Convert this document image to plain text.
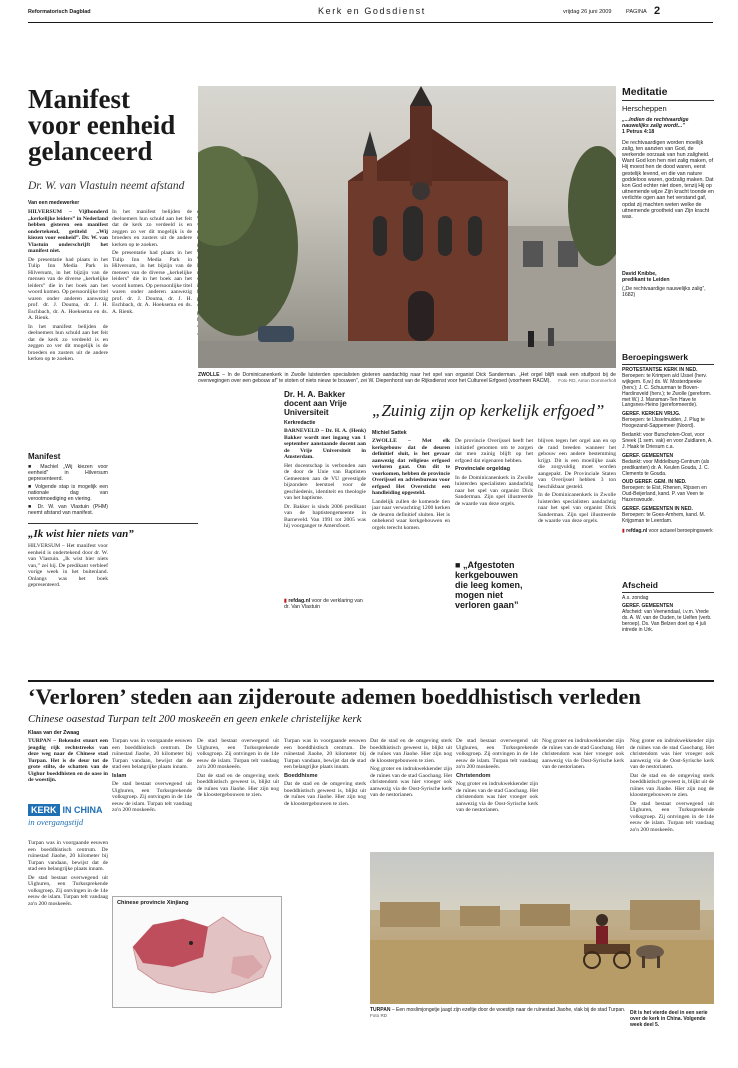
Reformatorisch Dagblad	Kerk en Godsdienst	vrijdag 26 juni 2009	PAGINA 2
Manifest voor eenheid gelanceerd
Dr. W. van Vlastuin neemt afstand
Van een medewerker

HILVERSUM – Vijfhonderd „kerkelijke leiders” in Nederland hebben gisteren een manifest ondertekend, getiteld „Wij kiezen voor eenheid”. Dr. W. van Vlastuin onderschrijft het manifest niet.

De presentatie had plaats in het Tulip Inn Media Park in Hilversum, in het bijzijn van de mensen van de diverse „kerkelijke leiders” die in het boek aan het woord komen. Op persoonlijke titel waren onder anderen aanwezig prof. dr. J. Douma, dr. J. H. Eschbach, dr. A. Hoeksema en ds. A. Rienk.

In het manifest belijden de deelnemers hun schuld aan het feit dat de kerk zo verdeeld is en zeggen zo ver dit mogelijk is de broeders en zusters uit de andere kerken op te zoeken.

Manifest

■ Machiel „Wij kiezen voor eenheid” in Hilversum gepresenteerd.

■ Volgende stap is mogelijk een nationale dag van verootmoediging en viering.

■ Dr. W. van Vlastuin (PHM) neemt afstand van manifest.

„Ik wist hier niets van”
HILVERSUM – Het manifest voor eenheid is ondertekend door dr. W. van Vlastuin. „Ik wist hier niets van,” zei hij. De predikant verbleef vorige week in het buitenland. Onlangs was het boek gepresenteerd.

In het manifest belijden de deelnemers hun schuld aan het feit dat de kerk zo verdeeld is en zeggen zo ver dit mogelijk is de broeders en zusters uit de andere kerken op te zoeken.

De presentatie had plaats in het Tulip Inn Media Park in Hilversum, in het bijzijn van de mensen van de diverse „kerkelijke leiders” die in het boek aan het woord komen. Op persoonlijke titel waren onder anderen aanwezig prof. dr. J. Douma, dr. J. H. Eschbach, dr. A. Hoeksema en ds. A. Rienk.

▮ refdag.nl voor de verklaring van dr. Van Vlastuin
ZWOLLE – In de Dominicanenkerk in Zwolle luisterden specialisten gisteren aandachtig naar het spel van organist Dick Sanderman. „Het orgel blijft vaak een stuifpost bij de overwegingen over een gebouw af” te stoten of niets nieuw te bouwen”, zei W. Diepenhorst van de Rijksdienst voor het Cultureel Erfgoed (voorheen RACM). Foto RD, Anton Dommerholt
Dr. H. A. Bakker docent aan Vrije Universiteit
Kerkredactie

BARNEVELD – Dr. H. A. (Henk) Bakker wordt met ingang van 1 september aanstaande docent aan de Vrije Universiteit in Amsterdam.

Het docentschap is verbonden aan de door de Unie van Baptisten Gemeenten aan de VU gevestigde bijzondere leerstoel voor de geschiedenis, identiteit en theologie van het baptisme.

Dr. Bakker is sinds 2006 predikant van de baptistengemeente in Barneveld. Van 1991 tot 2005 was hij voorganger te Amersfoort.

„Zuinig zijn op kerkelijk erfgoed”
Michiel Sattek

ZWOLLE – Met elk kerkgebouw dat de deuren definitief sluit, is het gevaar aanwezig dat religieus erfgoed verloren gaat. Om dit te voorkomen, hebben de provincie Overijssel en adviesbureau voor erfgoed Het Oversticht een handleiding opgesteld.

Landelijk zullen de komende tien jaar naar verwachting 1200 kerken de deuren definitief sluiten. Het is onbekend waar kerkgebouwen en orgels terecht komen.

De provincie Overijssel heeft het initiatief genomen om te zorgen dat men zuinig blijft op het erfgoed dat eigenaren hebben.

Provinciale orgeldag

In de Dominicanenkerk in Zwolle luisterden specialisten aandachtig naar het spel van organist Dick Sanderman. Zijn spel illustreerde de waarde van deze orgels.

■ „Afgestoten kerkgebouwen die leeg komen, mogen niet verloren gaan”

blijven tegen het orgel aan en op de rand breeden wanneer het gebouw een andere bestemming krijgt. Dit is een moeilijke zaak die zorgvuldig moet worden aangepakt. De Provinciale Staten van Overijssel hebben 3 ton beschikbaar gesteld.

In de Dominicanenkerk in Zwolle luisterden specialisten aandachtig naar het spel van organist Dick Sanderman. Zijn spel illustreerde de waarde van deze orgels.

Meditatie
Herscheppen
„...indien de rechtvaardige nauwelijks zalig wordt...”
1 Petrus 4:18
De rechtvaardigen worden moeilijk zalig, ten aanzien van God, de werkende oorzaak van hun zaligheid. Want God kon hen niet zalig maken, of Hij moest hen de dood waren, eerst gestelijk levend, en die van nature goddeloos waren, godzalig maken. Dat kon God echter niet doen, tenzij Hij op uitnemende wijze Zijn kracht toonde en verlichte ogen aan het verstand gaf, opdat zij machten weten welke de uitnemende grootheid van Zijn kracht was.
David Knibbe,
predikant te Leiden
(„De rechtvaardige nauwelijks zalig”, 1682)
Beroepingswerk

PROTESTANTSE KERK IN NED.
Beroepen: te Krimpen a/d IJssel (herv. wijkgem. 6,w.) ds. W. Mosterdpeeke (herv.); J. C. Schuurman te Boven-Hardinxveld (herv.); te Zwolle (gereform. met W.) J. Mansman-Ten Have te Langsnes-Heino (gereformeerde).

GEREF. KERKEN VRIJG.
Beroepen: te IJsselmuiden, J. Plug te Hoogezand-Sappemeer (Noord).

Bedankt: voor Burschoten-Oost, voor Sneek (1 sem. vak) en voor Zuidlaren, A. J. Haak te Driesum c.a.

GEREF. GEMEENTEN
Bedankt: voor Middelburg-Centrum (als predikanten) dr. A. Keulen Gouda, J. C. Clements te Gouda.

OUD GEREF. GEM. IN NED.
Beroepen: te Elst, Rhenen, Rijssen en Oud-Beijerland, kand. P. van Veen te Hazerswoude.

GEREF. GEMEENTEN IN NED.
Beroepen: te Goes-Arnhem, kand. M. Krijgsman te Leerdam.

▮ refdag.nl voor actueel beroepingswerk
Afscheid

A.s. zondag

GEREF. GEMEENTEN

Afscheid: van Veenendaal, i.v.m. Vrede ds. A. W. van de Ouden, te Uelfen (verb. beroep). Ds. Van Belzen doet op 4 juli intrede in Urk.

‘Verloren’ steden aan zijderoute ademen boeddhistisch verleden
Chinese oasestad Turpan telt 200 moskeeën en geen enkele christelijke kerk
Klaas van der Zwaag

TURPAN – Bekendst stuurt een jeugdig rijk rechtstreeks van deze weg naar de Chinese stad Turpan. Het is de deur tot de grote stilte, de schatten van de Uighur boeddhisten en de oase in de woestijn.

KERK IN CHINA
in overgangstijd

Turpan was in voorgaande eeuwen een boeddhistisch centrum. De ruïnestad Jiaohe, 20 kilometer bij Turpan vandaan, bewijst dat de stad een belangrijke plaats innam.

De stad bestaat overwegend uit Uighuren, een Turkssprekende volksgroep. Zij ontvingen in de 14e eeuw de islam. Turpan telt vandaag zo'n 200 moskeeën.

Turpan was in voorgaande eeuwen een boeddhistisch centrum. De ruïnestad Jiaohe, 20 kilometer bij Turpan vandaan, bewijst dat de stad een belangrijke plaats innam.

Islam

De stad bestaat overwegend uit Uighuren, een Turkssprekende volksgroep. Zij ontvingen in de 14e eeuw de islam. Turpan telt vandaag zo'n 200 moskeeën.

De stad bestaat overwegend uit Uighuren, een Turkssprekende volksgroep. Zij ontvingen in de 14e eeuw de islam. Turpan telt vandaag zo'n 200 moskeeën.

Dat de stad en de omgeving sterk boeddhistisch geweest is, blijkt uit de ruïnes van Jiaohe. Hier zijn nog de kloostergebouwen te zien.

Turpan was in voorgaande eeuwen een boeddhistisch centrum. De ruïnestad Jiaohe, 20 kilometer bij Turpan vandaan, bewijst dat de stad een belangrijke plaats innam.

Boeddhisme

Dat de stad en de omgeving sterk boeddhistisch geweest is, blijkt uit de ruïnes van Jiaohe. Hier zijn nog de kloostergebouwen te zien.

Dat de stad en de omgeving sterk boeddhistisch geweest is, blijkt uit de ruïnes van Jiaohe. Hier zijn nog de kloostergebouwen te zien.

Nog groter en indrukwekkender zijn de ruïnes van de stad Gaochang. Het christendom was hier vroeger ook aanwezig via de Oost-Syrische kerk van de nestorianen.

De stad bestaat overwegend uit Uighuren, een Turkssprekende volksgroep. Zij ontvingen in de 14e eeuw de islam. Turpan telt vandaag zo'n 200 moskeeën.

Christendom

Nog groter en indrukwekkender zijn de ruïnes van de stad Gaochang. Het christendom was hier vroeger ook aanwezig via de Oost-Syrische kerk van de nestorianen.

Nog groter en indrukwekkender zijn de ruïnes van de stad Gaochang. Het christendom was hier vroeger ook aanwezig via de Oost-Syrische kerk van de nestorianen.

Nog groter en indrukwekkender zijn de ruïnes van de stad Gaochang. Het christendom was hier vroeger ook aanwezig via de Oost-Syrische kerk van de nestorianen.

Dat de stad en de omgeving sterk boeddhistisch geweest is, blijkt uit de ruïnes van Jiaohe. Hier zijn nog de kloostergebouwen te zien.

De stad bestaat overwegend uit Uighuren, een Turkssprekende volksgroep. Zij ontvingen in de 14e eeuw de islam. Turpan telt vandaag zo'n 200 moskeeën.

Dit is het vierde deel in een serie over de kerk in China. Volgende week deel 5.
Chinese provincie Xinjiang
TURPAN – Een moslimjongetje jaagt zijn ezeltje door de woestijn naar de ruïnestad Jiaohe, vlak bij de stad Turpan. Foto RD
